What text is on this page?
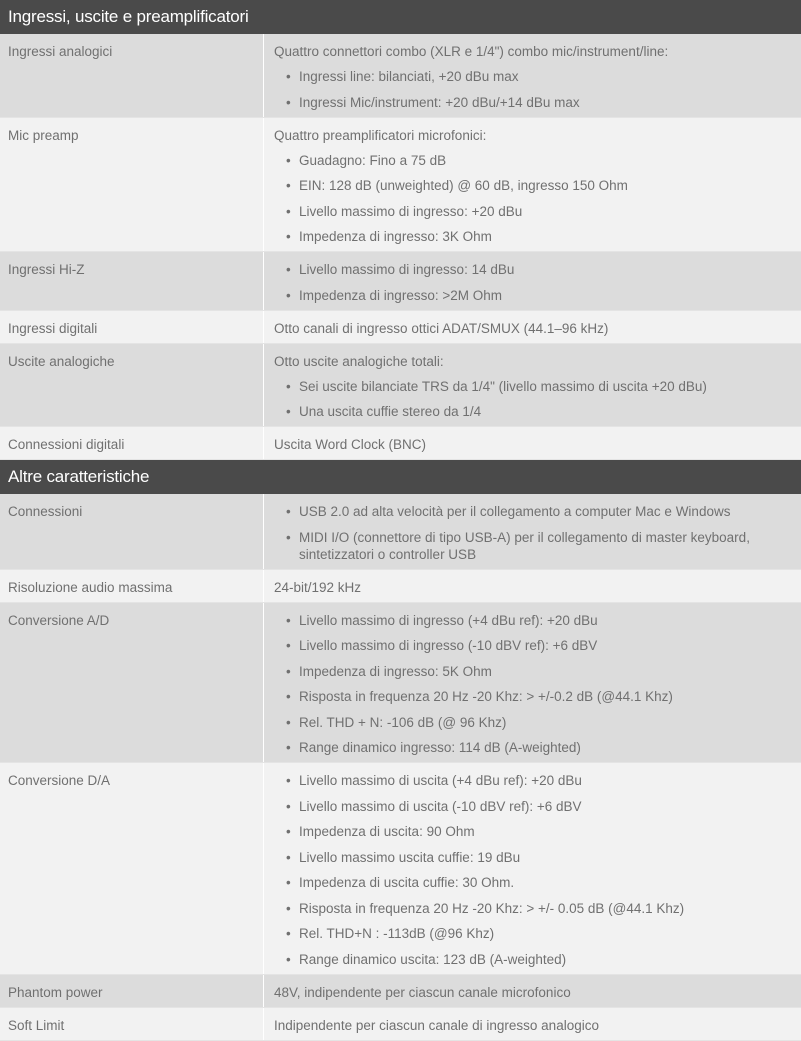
Ingressi, uscite e preamplificatori
Ingressi analogici	Quattro connettori combo (XLR e 1/4") combo mic/instrument/line:
• Ingressi line: bilanciati, +20 dBu max
• Ingressi Mic/instrument: +20 dBu/+14 dBu max
Mic preamp	Quattro preamplificatori microfonici:
• Guadagno: Fino a 75 dB
• EIN: 128 dB (unweighted) @ 60 dB, ingresso 150 Ohm
• Livello massimo di ingresso: +20 dBu
• Impedenza di ingresso: 3K Ohm
Ingressi Hi-Z	• Livello massimo di ingresso: 14 dBu
• Impedenza di ingresso: >2M Ohm
Ingressi digitali	Otto canali di ingresso ottici ADAT/SMUX (44.1–96 kHz)
Uscite analogiche	Otto uscite analogiche totali:
• Sei uscite bilanciate TRS da 1/4" (livello massimo di uscita +20 dBu)
• Una uscita cuffie stereo da 1/4
Connessioni digitali	Uscita Word Clock (BNC)
Altre caratteristiche
Connessioni	• USB 2.0 ad alta velocità per il collegamento a computer Mac e Windows
• MIDI I/O (connettore di tipo USB-A) per il collegamento di master keyboard, sintetizzatori o controller USB
Risoluzione audio massima	24-bit/192 kHz
Conversione A/D	• Livello massimo di ingresso (+4 dBu ref): +20 dBu
• Livello massimo di ingresso (-10 dBV ref): +6 dBV
• Impedenza di ingresso: 5K Ohm
• Risposta in frequenza 20 Hz -20 Khz: > +/-0.2 dB (@44.1 Khz)
• Rel. THD + N: -106 dB (@ 96 Khz)
• Range dinamico ingresso: 114 dB (A-weighted)
Conversione D/A	• Livello massimo di uscita (+4 dBu ref): +20 dBu
• Livello massimo di uscita (-10 dBV ref): +6 dBV
• Impedenza di uscita: 90 Ohm
• Livello massimo uscita cuffie: 19 dBu
• Impedenza di uscita cuffie: 30 Ohm.
• Risposta in frequenza 20 Hz -20 Khz: > +/- 0.05 dB (@44.1 Khz)
• Rel. THD+N : -113dB (@96 Khz)
• Range dinamico uscita: 123 dB (A-weighted)
Phantom power	48V, indipendente per ciascun canale microfonico
Soft Limit	Indipendente per ciascun canale di ingresso analogico
